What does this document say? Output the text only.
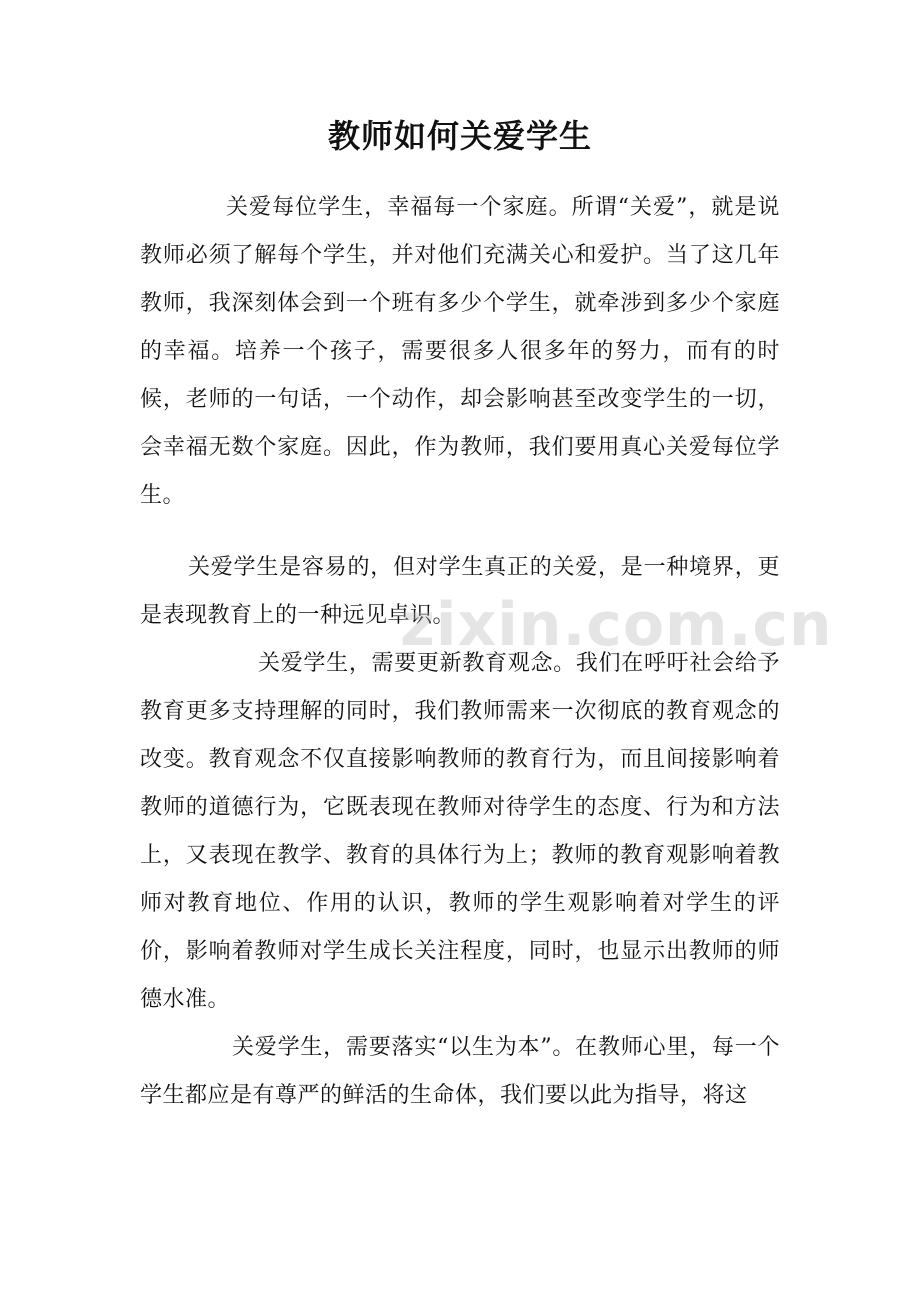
教师如何关爱学生

关爱每位学生，幸福每一个家庭。所谓“关爱”，就是说教师必须了解每个学生，并对他们充满关心和爱护。当了这几年教师，我深刻体会到一个班有多少个学生，就牵涉到多少个家庭的幸福。培养一个孩子，需要很多人很多年的努力，而有的时候，老师的一句话，一个动作，却会影响甚至改变学生的一切，会幸福无数个家庭。因此，作为教师，我们要用真心关爱每位学生。

关爱学生是容易的，但对学生真正的关爱，是一种境界，更是表现教育上的一种远见卓识。

关爱学生，需要更新教育观念。我们在呼吁社会给予教育更多支持理解的同时，我们教师需来一次彻底的教育观念的改变。教育观念不仅直接影响教师的教育行为，而且间接影响着教师的道德行为，它既表现在教师对待学生的态度、行为和方法上，又表现在教学、教育的具体行为上；教师的教育观影响着教师对教育地位、作用的认识，教师的学生观影响着对学生的评价，影响着教师对学生成长关注程度，同时，也显示出教师的师德水准。

关爱学生，需要落实“以生为本”。在教师心里，每一个学生都应是有尊严的鲜活的生命体，我们要以此为指导，将这

zixin.com.cn
